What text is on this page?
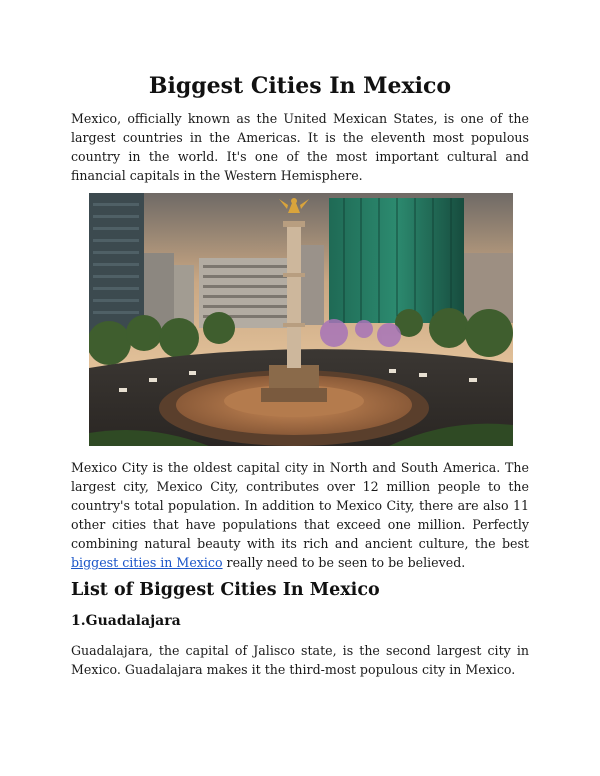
Biggest Cities In Mexico

Mexico, officially known as the United Mexican States, is one of the largest countries in the Americas. It is the eleventh most populous country in the world. It's one of the most important cultural and financial capitals in the Western Hemisphere.

Mexico City is the oldest capital city in North and South America. The largest city, Mexico City, contributes over 12 million people to the country's total population. In addition to Mexico City, there are also 11 other cities that have populations that exceed one million. Perfectly combining natural beauty with its rich and ancient culture, the best biggest cities in Mexico really need to be seen to be believed.

List of Biggest Cities In Mexico
1.Guadalajara

Guadalajara, the capital of Jalisco state, is the second largest city in Mexico. Guadalajara makes it the third-most populous city in Mexico.
